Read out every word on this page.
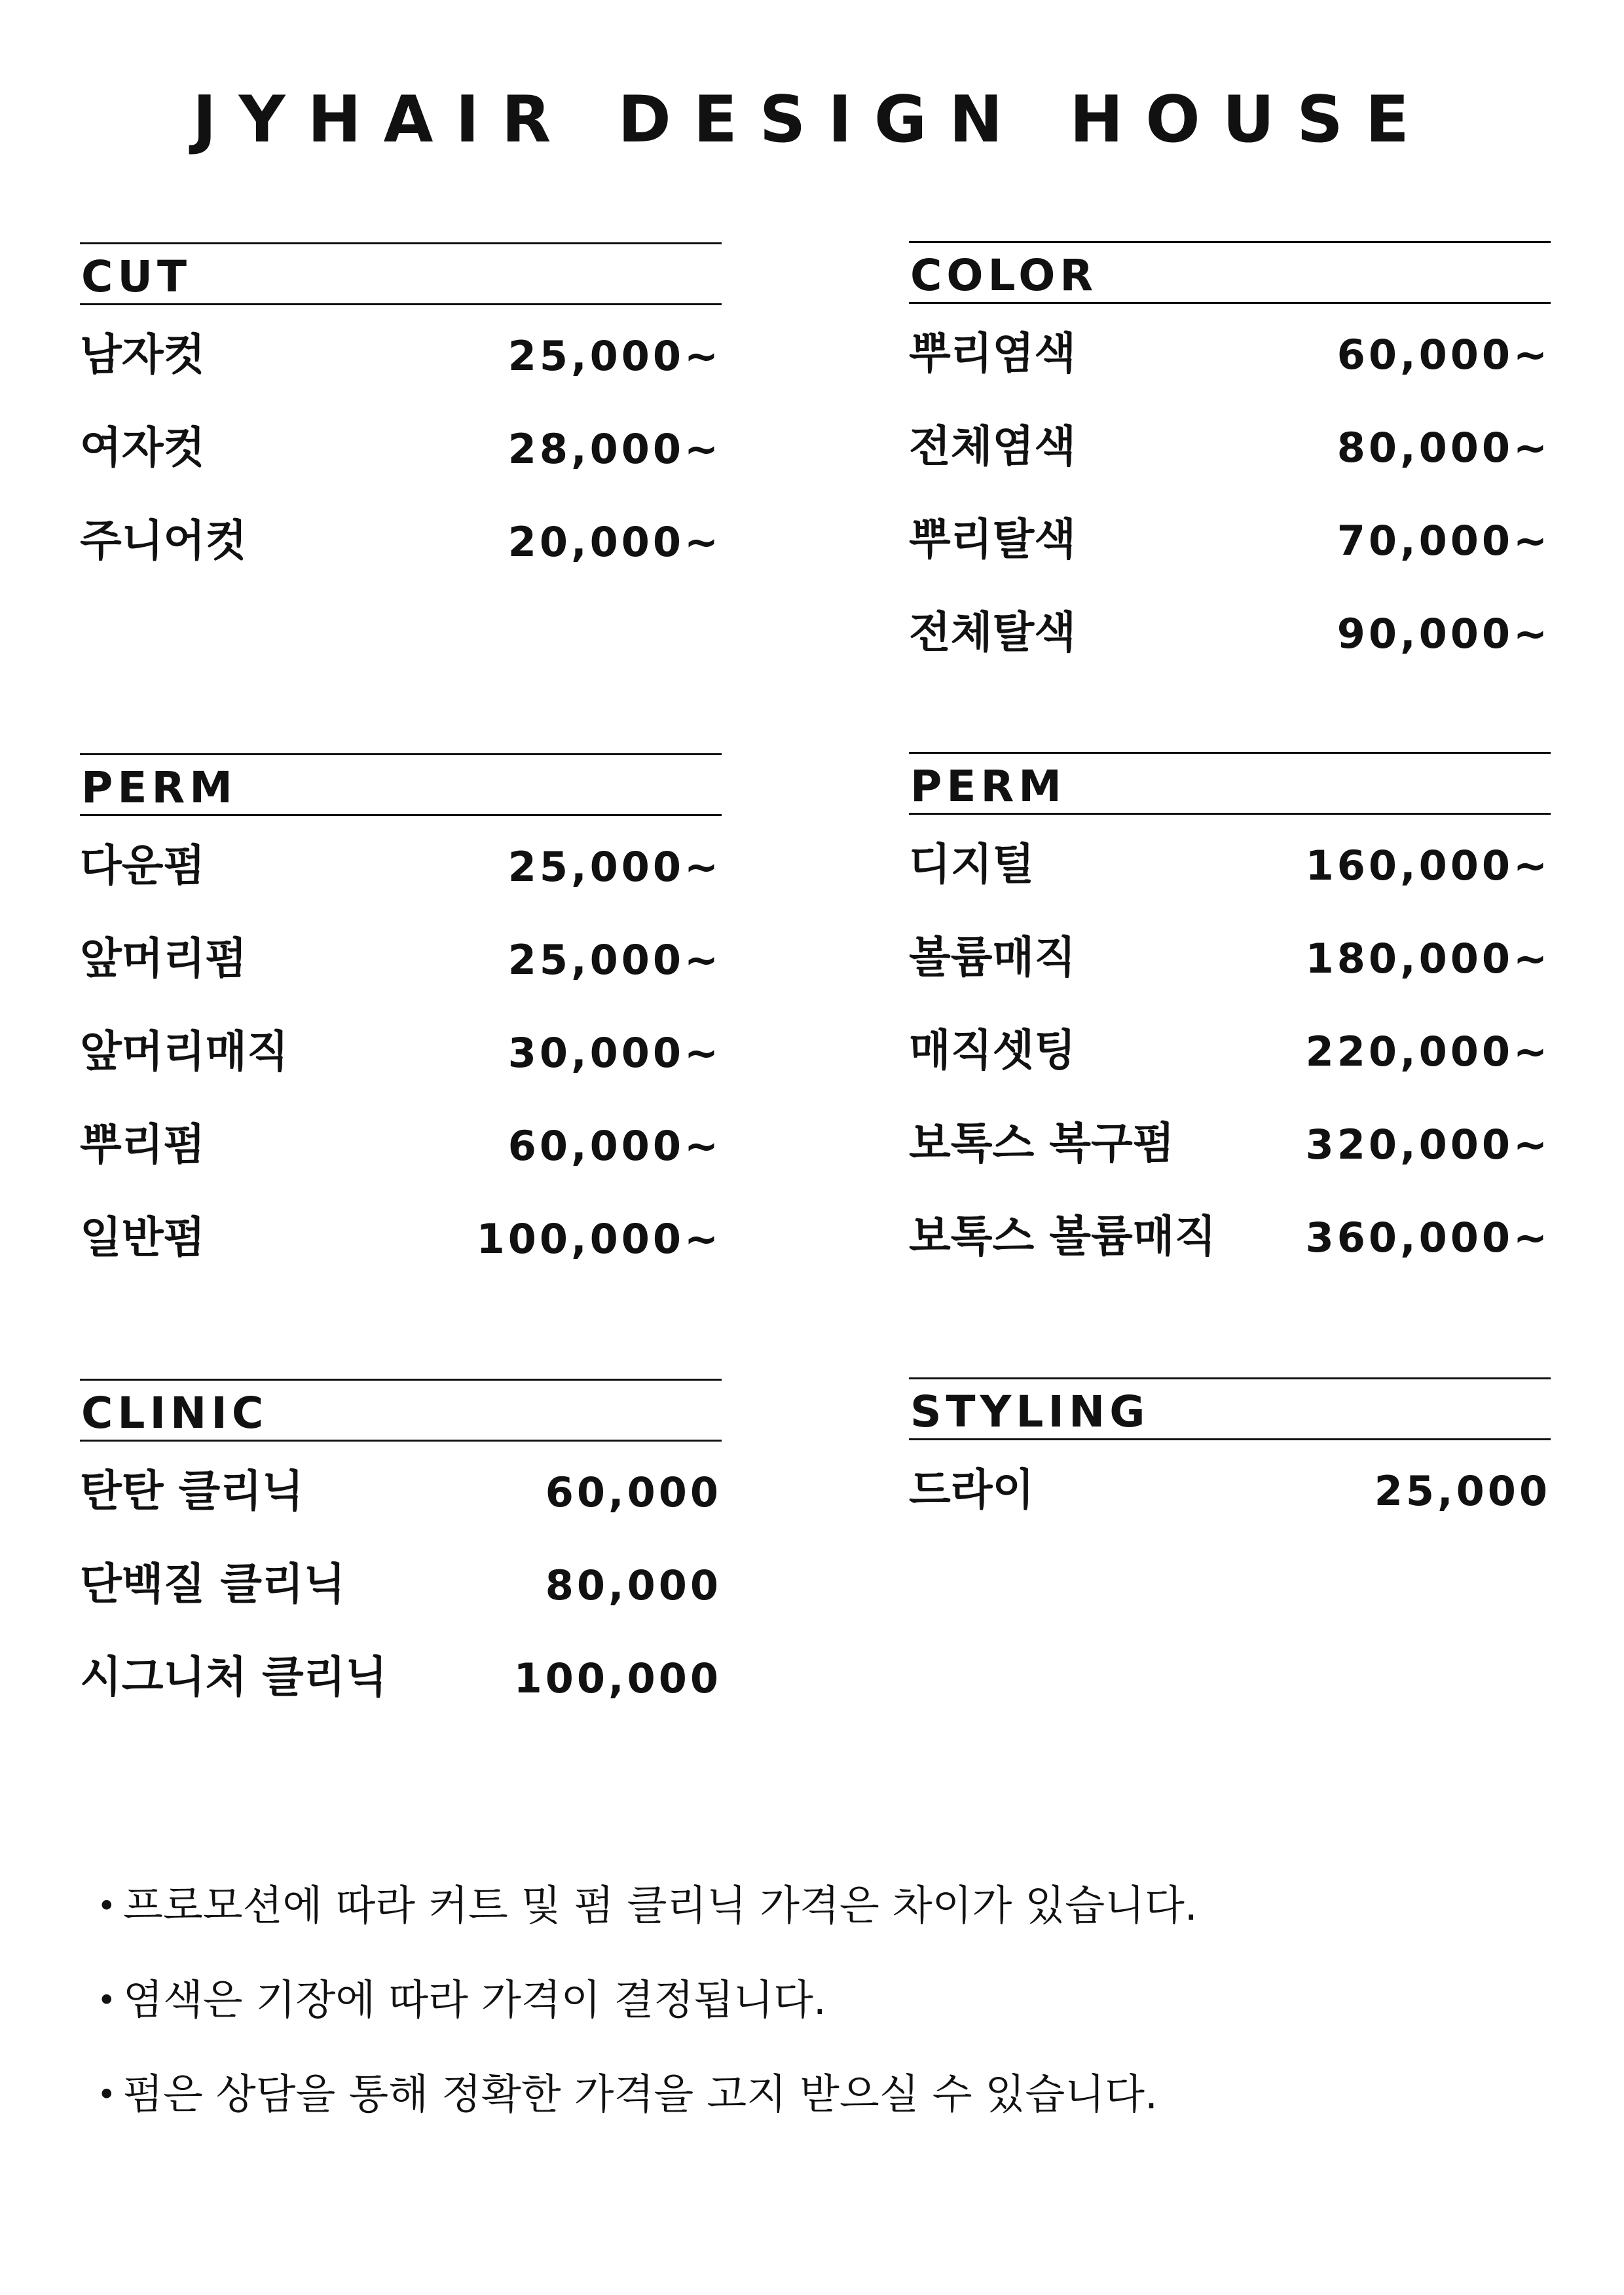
JYHAIR DESIGN HOUSE
CUT
남자컷	25,000~
여자컷	28,000~
주니어컷	20,000~
COLOR
뿌리염색	60,000~
전체염색	80,000~
뿌리탈색	70,000~
전체탈색	90,000~
PERM
다운펌	25,000~
앞머리펌	25,000~
앞머리매직	30,000~
뿌리펌	60,000~
일반펌	100,000~
PERM
디지털	160,000~
볼륨매직	180,000~
매직셋팅	220,000~
보톡스 복구펌	320,000~
보톡스 볼륨매직 360,000~
CLINIC
탄탄 클리닉	60,000
단백질 클리닉	80,000
시그니처 클리닉	100,000
STYLING
드라이	25,000
• 프로모션에 따라 커트 및 펌 클리닉 가격은 차이가 있습니다.
• 염색은 기장에 따라 가격이 결정됩니다.
• 펌은 상담을 통해 정확한 가격을 고지 받으실 수 있습니다.
